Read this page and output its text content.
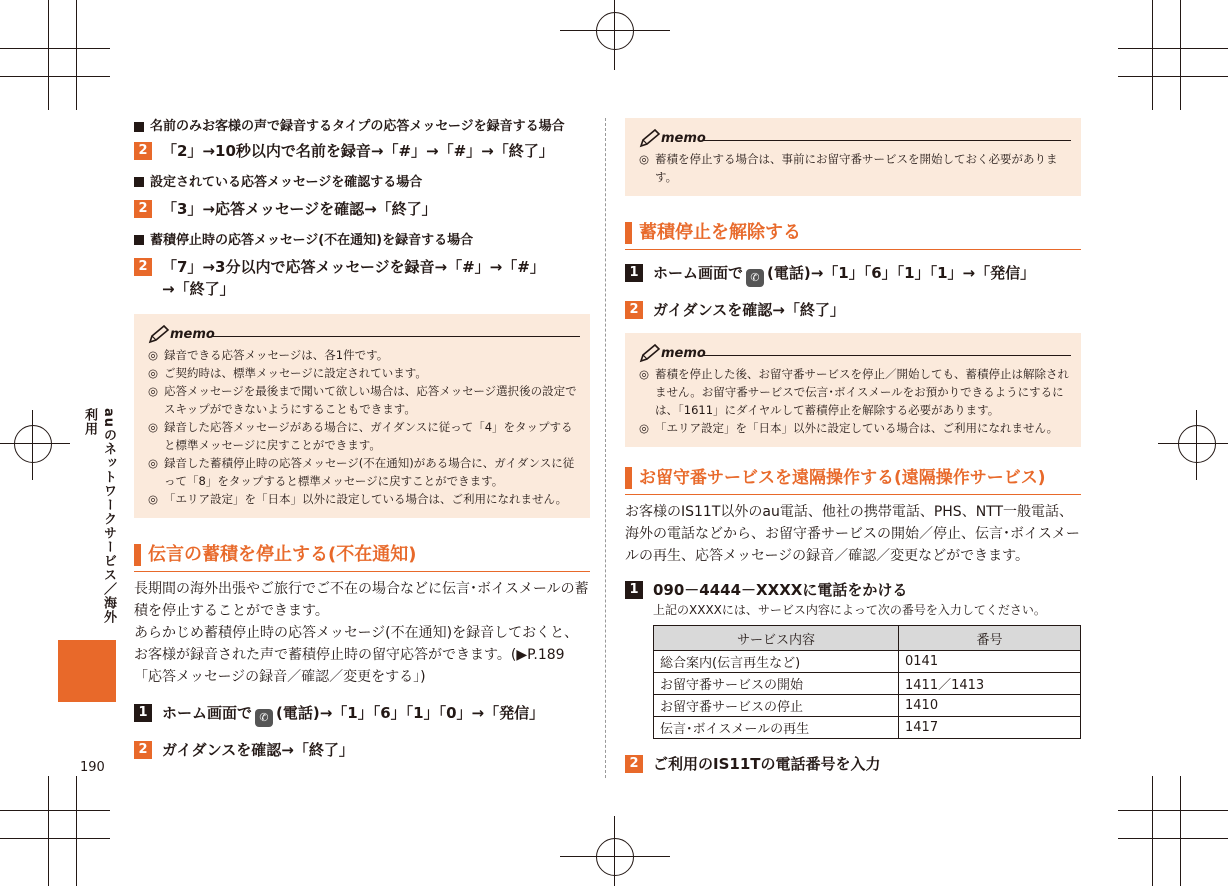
auのネットワークサービス／海外利用
190
名前のみお客様の声で録音するタイプの応答メッセージを録音する場合
2 「2」→10秒以内で名前を録音→「#」→「#」→「終了」
設定されている応答メッセージを確認する場合
2 「3」→応答メッセージを確認→「終了」
蓄積停止時の応答メッセージ(不在通知)を録音する場合
2 「7」→3分以内で応答メッセージを録音→「#」→「#」
→「終了」
memo
◎ 録音できる応答メッセージは、各1件です。
◎ ご契約時は、標準メッセージに設定されています。
◎ 応答メッセージを最後まで聞いて欲しい場合は、応答メッセージ選択後の設定でスキップができないようにすることもできます。
◎ 録音した応答メッセージがある場合に、ガイダンスに従って「4」をタップすると標準メッセージに戻すことができます。
◎ 録音した蓄積停止時の応答メッセージ(不在通知)がある場合に、ガイダンスに従って「8」をタップすると標準メッセージに戻すことができます。
◎ 「エリア設定」を「日本」以外に設定している場合は、ご利用になれません。
伝言の蓄積を停止する(不在通知)
長期間の海外出張やご旅行でご不在の場合などに伝言･ボイスメールの蓄積を停止することができます。
あらかじめ蓄積停止時の応答メッセージ(不在通知)を録音しておくと、お客様が録音された声で蓄積停止時の留守応答ができます。(▶P.189「応答メッセージの録音／確認／変更をする」)
1 ホーム画面で ✆ (電話)→「1」「6」「1」「0」→「発信」
2 ガイダンスを確認→「終了」
memo
◎ 蓄積を停止する場合は、事前にお留守番サービスを開始しておく必要があります。
蓄積停止を解除する
1 ホーム画面で ✆ (電話)→「1」「6」「1」「1」→「発信」
2 ガイダンスを確認→「終了」
memo
◎ 蓄積を停止した後、お留守番サービスを停止／開始しても、蓄積停止は解除されません。お留守番サービスで伝言･ボイスメールをお預かりできるようにするには、「1611」にダイヤルして蓄積停止を解除する必要があります。
◎ 「エリア設定」を「日本」以外に設定している場合は、ご利用になれません。
お留守番サービスを遠隔操作する(遠隔操作サービス)
お客様のIS11T以外のau電話、他社の携帯電話、PHS、NTT一般電話、海外の電話などから、お留守番サービスの開始／停止、伝言･ボイスメールの再生、応答メッセージの録音／確認／変更などができます。
1 090－4444－XXXXに電話をかける
上記のXXXXには、サービス内容によって次の番号を入力してください。
サービス内容	番号
総合案内(伝言再生など)	0141
お留守番サービスの開始	1411／1413
お留守番サービスの停止	1410
伝言･ボイスメールの再生	1417
2 ご利用のIS11Tの電話番号を入力
